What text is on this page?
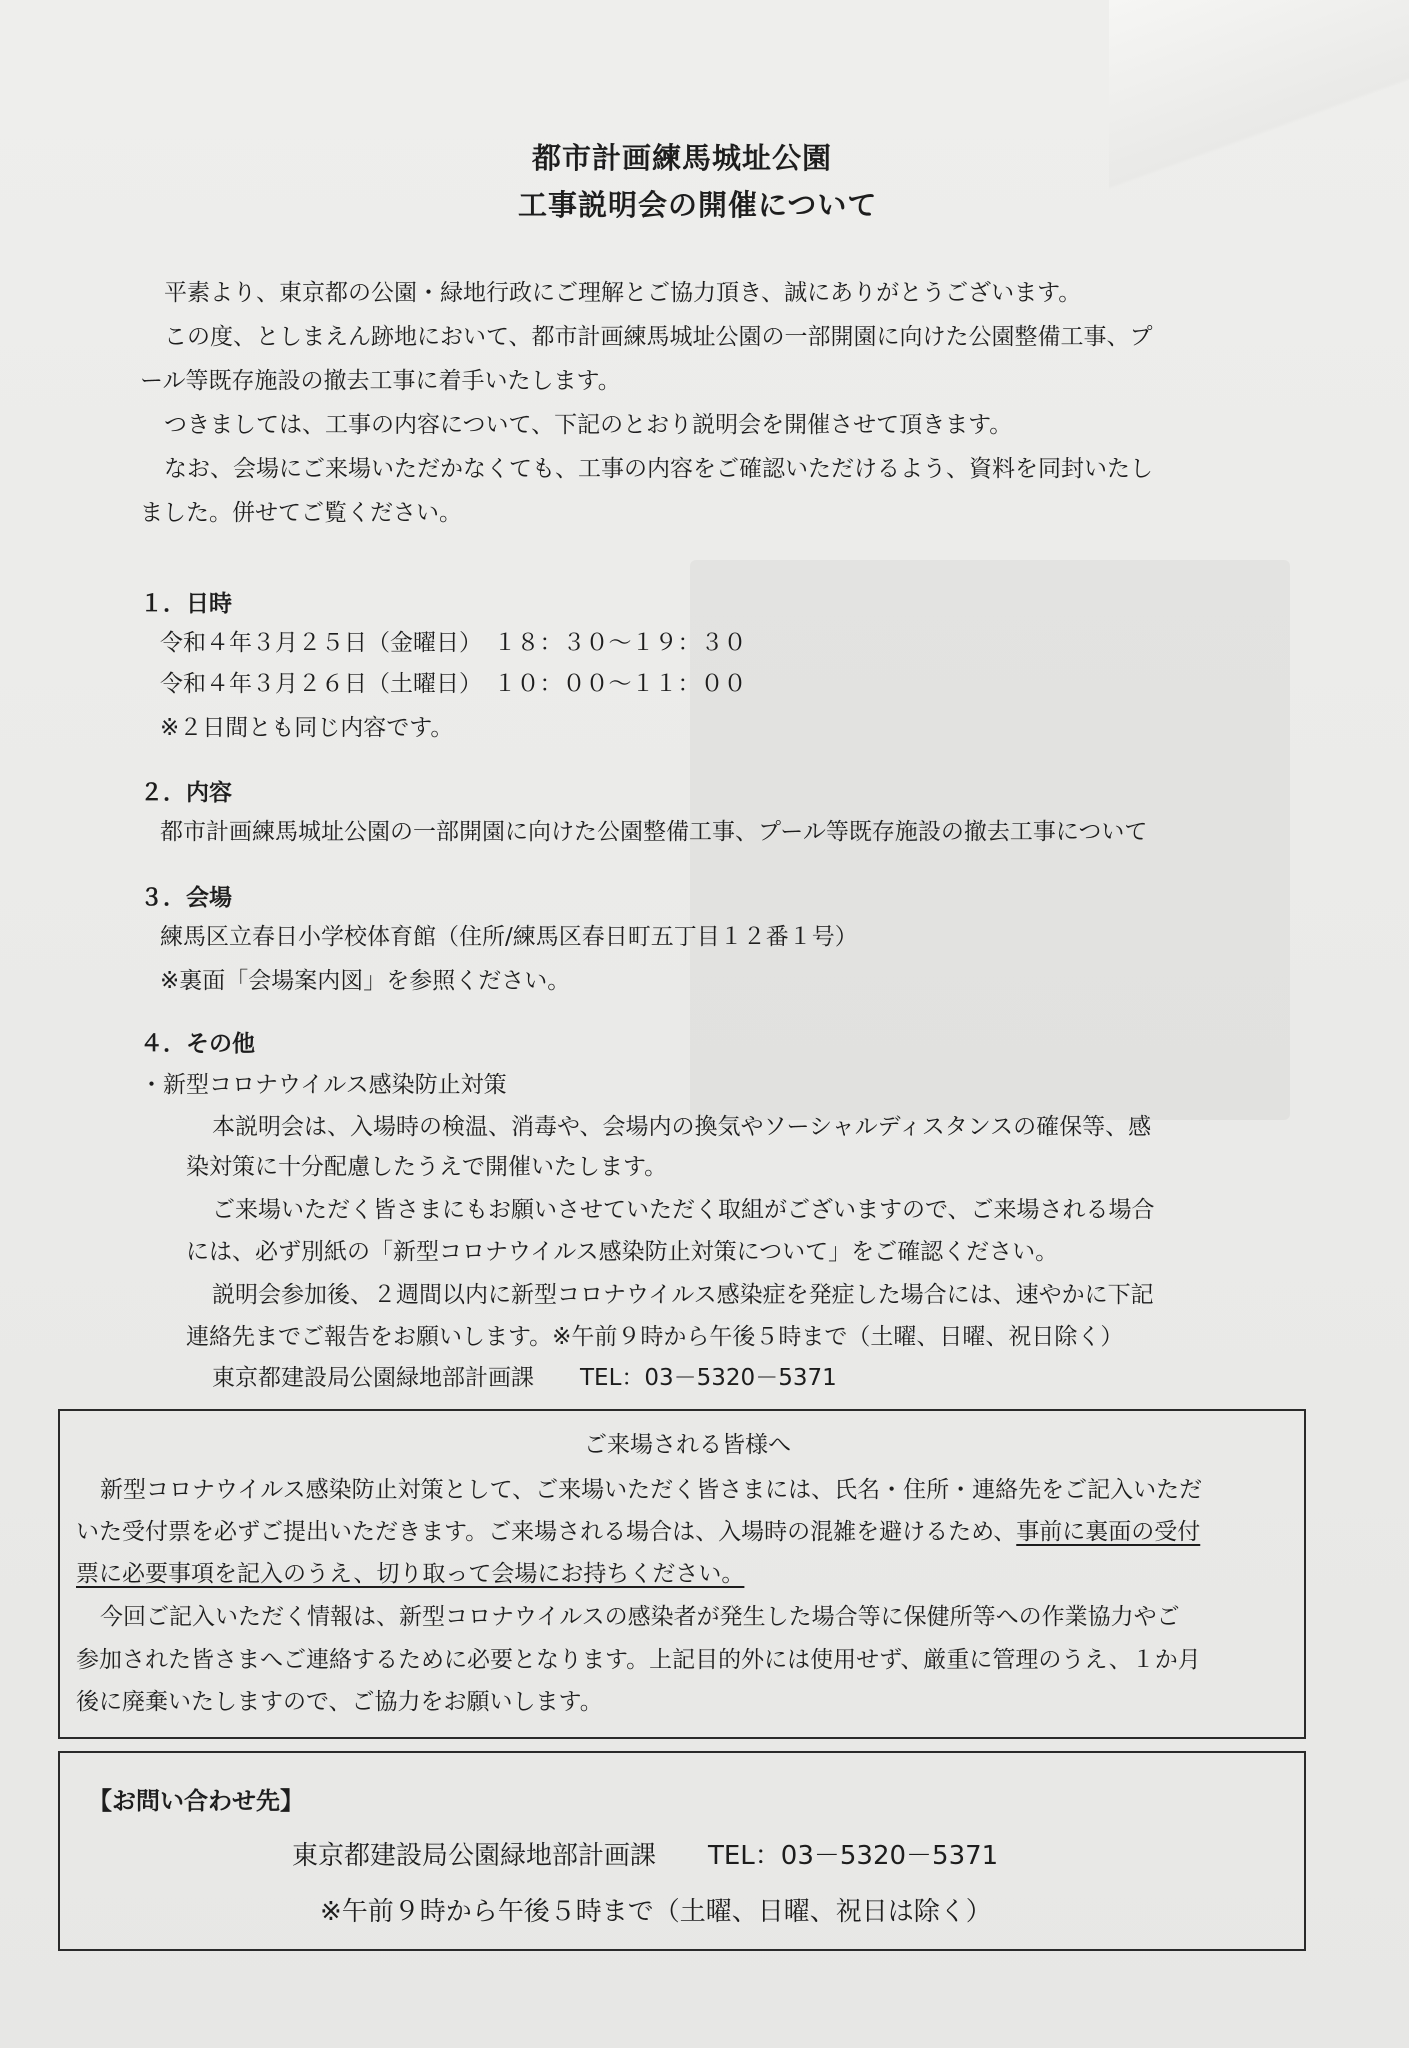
都市計画練馬城址公園

工事説明会の開催について

平素より、東京都の公園・緑地行政にご理解とご協力頂き、誠にありがとうございます。

この度、としまえん跡地において、都市計画練馬城址公園の一部開園に向けた公園整備工事、プ

ール等既存施設の撤去工事に着手いたします。

つきましては、工事の内容について、下記のとおり説明会を開催させて頂きます。

なお、会場にご来場いただかなくても、工事の内容をご確認いただけるよう、資料を同封いたし

ました。併せてご覧ください。

１．日時

令和４年３月２５日（金曜日）　１８：３０～１９：３０

令和４年３月２６日（土曜日）　１０：００～１１：００

※２日間とも同じ内容です。

２．内容

都市計画練馬城址公園の一部開園に向けた公園整備工事、プール等既存施設の撤去工事について

３．会場

練馬区立春日小学校体育館（住所/練馬区春日町五丁目１２番１号）

※裏面「会場案内図」を参照ください。

４．その他

・新型コロナウイルス感染防止対策

本説明会は、入場時の検温、消毒や、会場内の換気やソーシャルディスタンスの確保等、感

染対策に十分配慮したうえで開催いたします。

ご来場いただく皆さまにもお願いさせていただく取組がございますので、ご来場される場合

には、必ず別紙の「新型コロナウイルス感染防止対策について」をご確認ください。

説明会参加後、２週間以内に新型コロナウイルス感染症を発症した場合には、速やかに下記

連絡先までご報告をお願いします。※午前９時から午後５時まで（土曜、日曜、祝日除く）

東京都建設局公園緑地部計画課　　TEL：03－5320－5371

ご来場される皆様へ

新型コロナウイルス感染防止対策として、ご来場いただく皆さまには、氏名・住所・連絡先をご記入いただ

いた受付票を必ずご提出いただきます。ご来場される場合は、入場時の混雑を避けるため、事前に裏面の受付

票に必要事項を記入のうえ、切り取って会場にお持ちください。

今回ご記入いただく情報は、新型コロナウイルスの感染者が発生した場合等に保健所等への作業協力やご

参加された皆さまへご連絡するために必要となります。上記目的外には使用せず、厳重に管理のうえ、１か月

後に廃棄いたしますので、ご協力をお願いします。

【お問い合わせ先】

東京都建設局公園緑地部計画課　　TEL：03－5320－5371

※午前９時から午後５時まで（土曜、日曜、祝日は除く）
